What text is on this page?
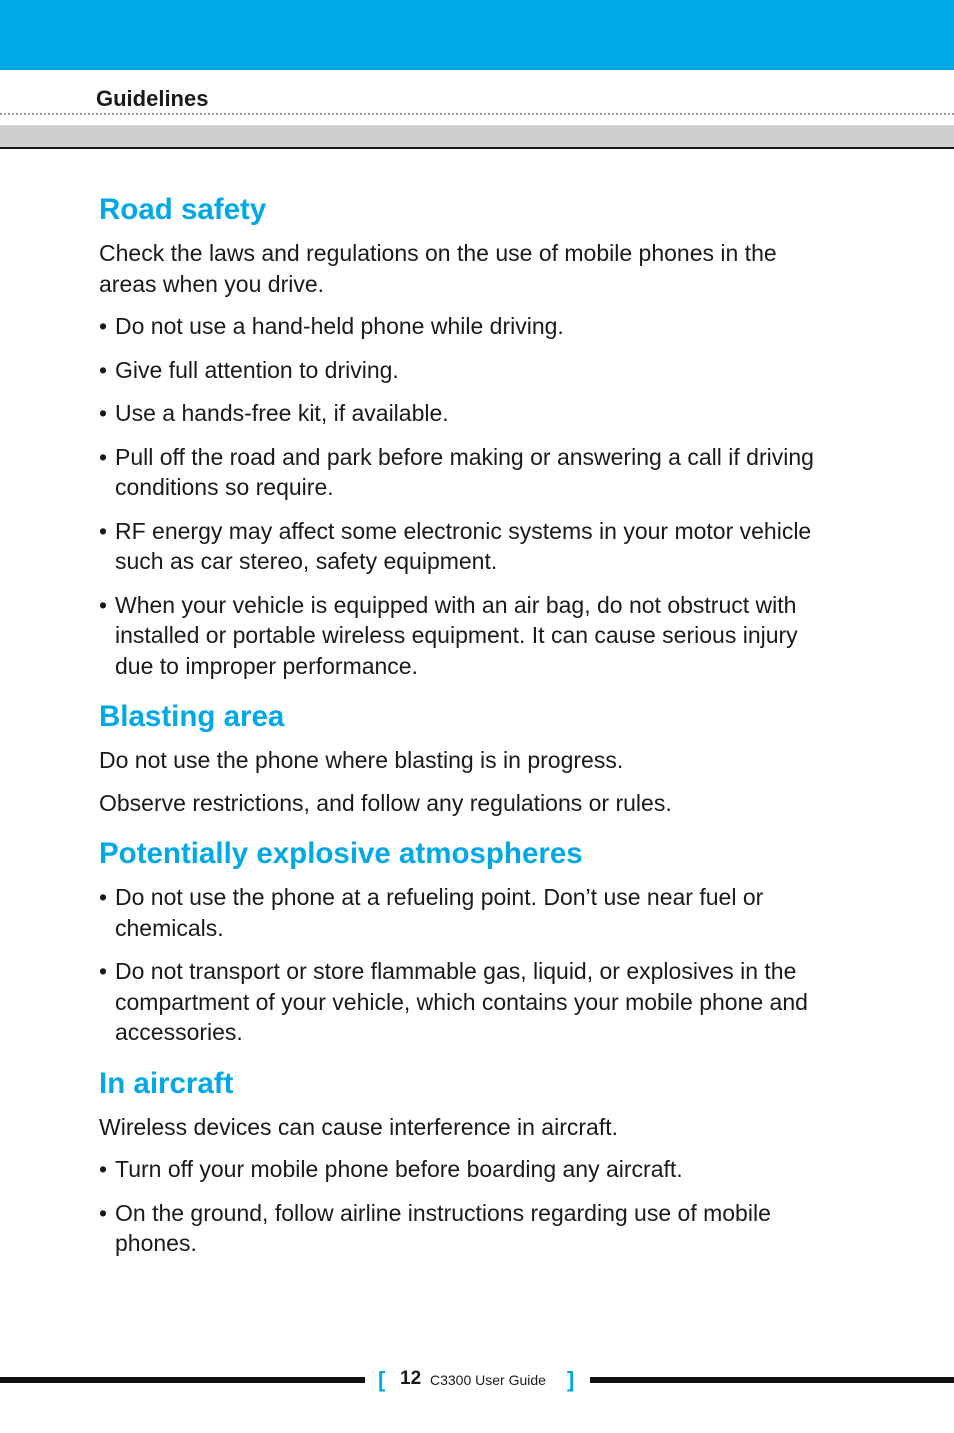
Guidelines
Road safety

Check the laws and regulations on the use of mobile phones in the areas when you drive.

• Do not use a hand-held phone while driving.
• Give full attention to driving.
• Use a hands-free kit, if available.
• Pull off the road and park before making or answering a call if driving conditions so require.
• RF energy may affect some electronic systems in your motor vehicle such as car stereo, safety equipment.
• When your vehicle is equipped with an air bag, do not obstruct with installed or portable wireless equipment. It can cause serious injury due to improper performance.
Blasting area

Do not use the phone where blasting is in progress.

Observe restrictions, and follow any regulations or rules.

Potentially explosive atmospheres
• Do not use the phone at a refueling point. Don’t use near fuel or chemicals.
• Do not transport or store flammable gas, liquid, or explosives in the compartment of your vehicle, which contains your mobile phone and accessories.
In aircraft

Wireless devices can cause interference in aircraft.

• Turn off your mobile phone before boarding any aircraft.
• On the ground, follow airline instructions regarding use of mobile phones.
[ 12 C3300 User Guide ]
